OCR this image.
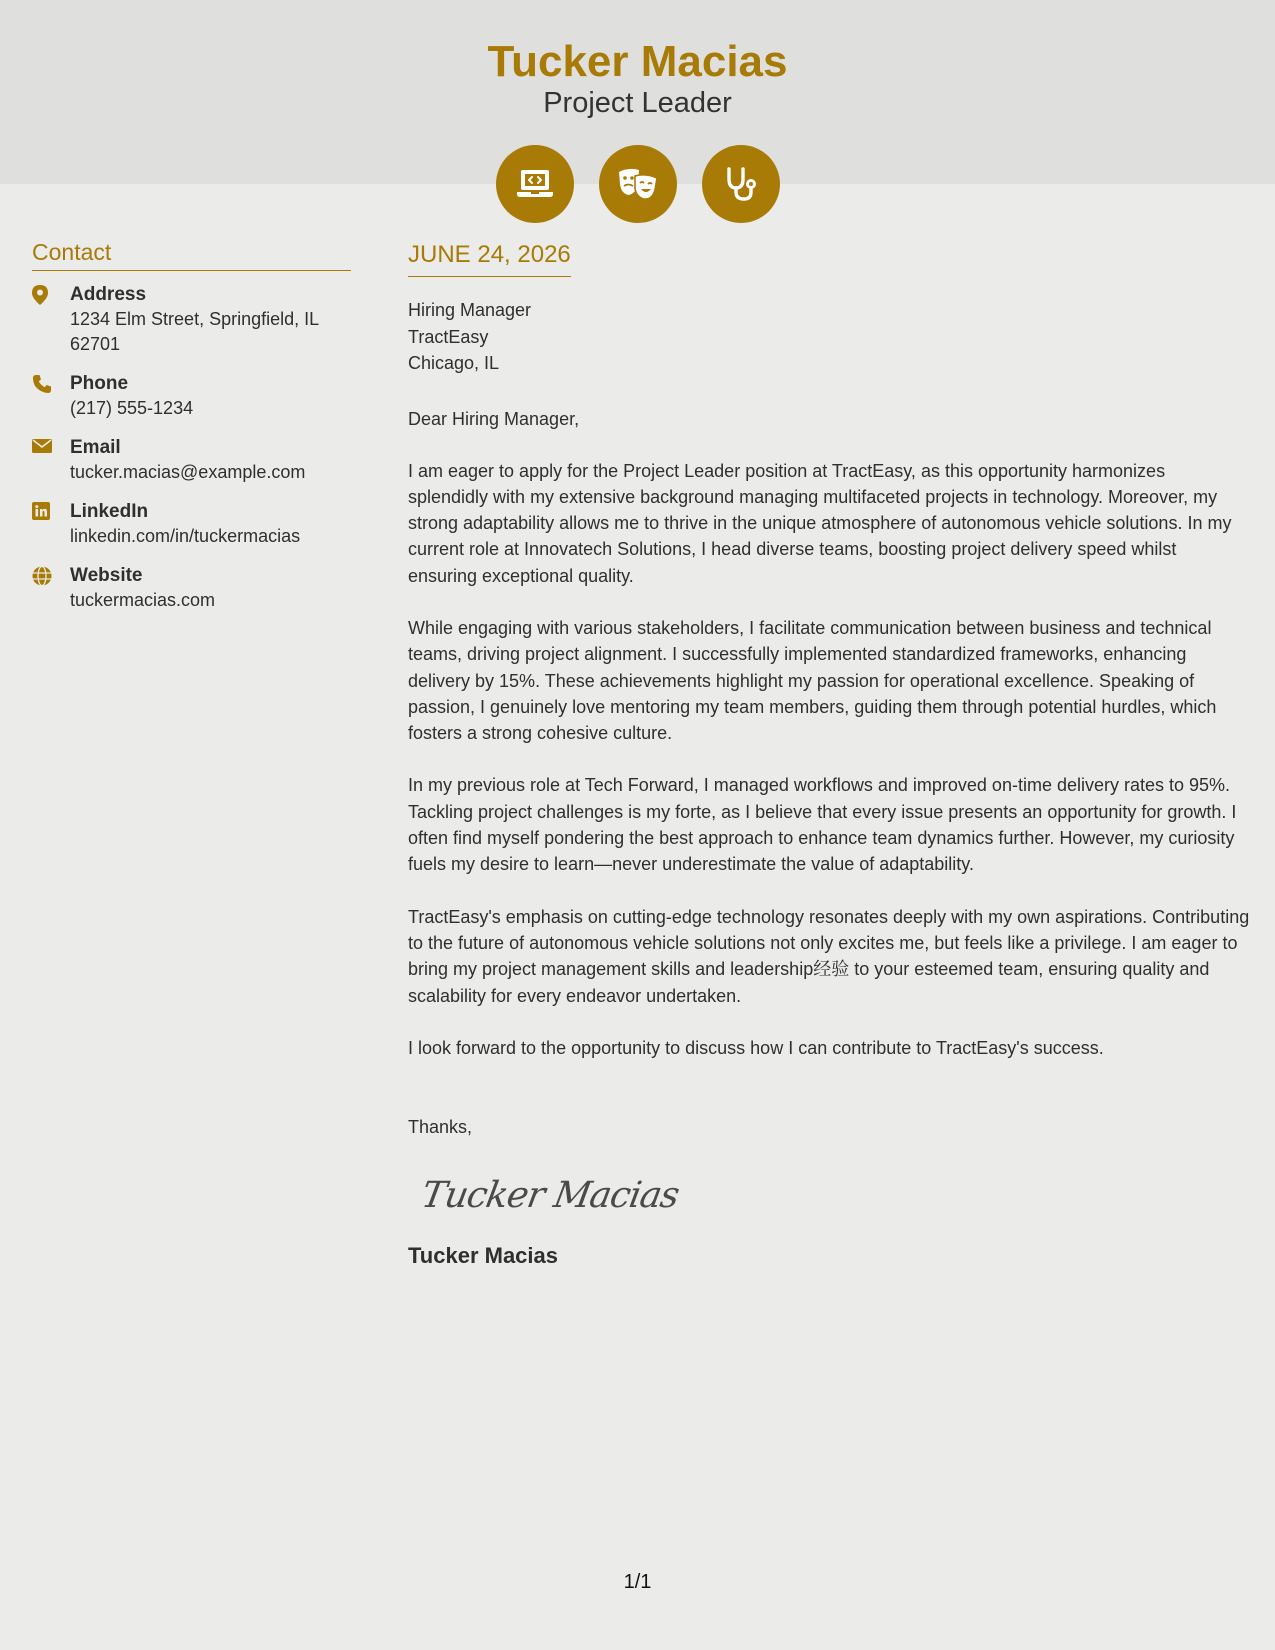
Tucker Macias
Project Leader
Contact
Address
1234 Elm Street, Springfield, IL 62701
Phone
(217) 555-1234
Email
tucker.macias@example.com
LinkedIn
linkedin.com/in/tuckermacias
Website
tuckermacias.com
JUNE 24, 2026
Hiring Manager
TractEasy
Chicago, IL
Dear Hiring Manager,
I am eager to apply for the Project Leader position at TractEasy, as this opportunity harmonizes splendidly with my extensive background managing multifaceted projects in technology. Moreover, my strong adaptability allows me to thrive in the unique atmosphere of autonomous vehicle solutions. In my current role at Innovatech Solutions, I head diverse teams, boosting project delivery speed whilst ensuring exceptional quality.
While engaging with various stakeholders, I facilitate communication between business and technical teams, driving project alignment. I successfully implemented standardized frameworks, enhancing delivery by 15%. These achievements highlight my passion for operational excellence. Speaking of passion, I genuinely love mentoring my team members, guiding them through potential hurdles, which fosters a strong cohesive culture.
In my previous role at Tech Forward, I managed workflows and improved on-time delivery rates to 95%. Tackling project challenges is my forte, as I believe that every issue presents an opportunity for growth. I often find myself pondering the best approach to enhance team dynamics further. However, my curiosity fuels my desire to learn—never underestimate the value of adaptability.
TractEasy's emphasis on cutting-edge technology resonates deeply with my own aspirations. Contributing to the future of autonomous vehicle solutions not only excites me, but feels like a privilege. I am eager to bring my project management skills and leadership经验 to your esteemed team, ensuring quality and scalability for every endeavor undertaken.
I look forward to the opportunity to discuss how I can contribute to TractEasy's success.
Thanks,
Tucker Macias
Tucker Macias
1/1
